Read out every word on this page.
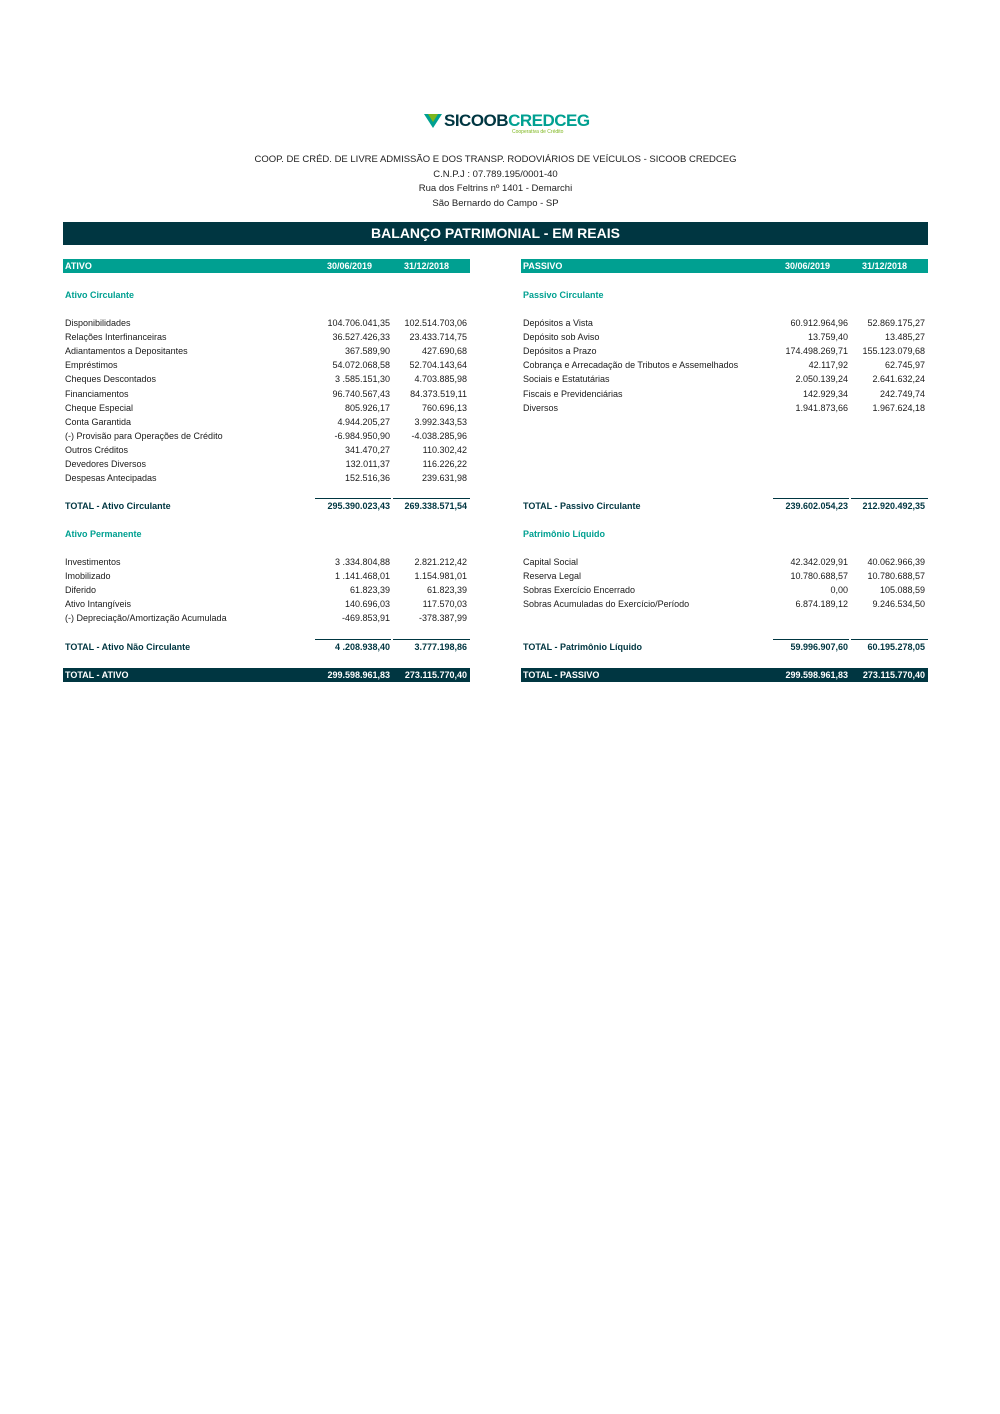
SICOOBCREDCEG
Cooperativa de Crédito
COOP. DE CRÉD. DE LIVRE ADMISSÃO E DOS TRANSP. RODOVIÁRIOS DE VEÍCULOS - SICOOB CREDCEG
C.N.P.J : 07.789.195/0001-40
Rua dos Feltrins nº 1401 - Demarchi
São Bernardo do Campo - SP
BALANÇO PATRIMONIAL - EM REAIS
ATIVO	30/06/2019	31/12/2018
Ativo Circulante
Disponibilidades	104.706.041,35 102.514.703,06
Relações Interfinanceiras	36.527.426,33 23.433.714,75
Adiantamentos a Depositantes	367.589,90	427.690,68
Empréstimos	54.072.068,58 52.704.143,64
Cheques Descontados	3 .585.151,30	4.703.885,98
Financiamentos	96.740.567,43 84.373.519,11
Cheque Especial	805.926,17	760.696,13
Conta Garantida	4.944.205,27	3.992.343,53
(-) Provisão para Operações de Crédito	-6.984.950,90 -4.038.285,96
Outros Créditos	341.470,27	110.302,42
Devedores Diversos	132.011,37	116.226,22
Despesas Antecipadas	152.516,36	239.631,98
TOTAL - Ativo Circulante	295.390.023,43 269.338.571,54
Ativo Permanente
Investimentos	3 .334.804,88	2.821.212,42
Imobilizado	1 .141.468,01	1.154.981,01
Diferido	61.823,39	61.823,39
Ativo Intangíveis	140.696,03	117.570,03
(-) Depreciação/Amortização Acumulada	-469.853,91	-378.387,99
TOTAL - Ativo Não Circulante	4 .208.938,40	3.777.198,86
TOTAL - ATIVO	299.598.961,83 273.115.770,40
PASSIVO	30/06/2019	31/12/2018
Passivo Circulante
Depósitos a Vista	60.912.964,96 52.869.175,27
Depósito sob Aviso	13.759,40	13.485,27
Depósitos a Prazo	174.498.269,71 155.123.079,68
Cobrança e Arrecadação de Tributos e Assemelhados	42.117,92	62.745,97
Sociais e Estatutárias	2.050.139,24	2.641.632,24
Fiscais e Previdenciárias	142.929,34	242.749,74
Diversos	1.941.873,66	1.967.624,18
TOTAL - Passivo Circulante	239.602.054,23 212.920.492,35
Patrimônio Líquido
Capital Social	42.342.029,91 40.062.966,39
Reserva Legal	10.780.688,57 10.780.688,57
Sobras Exercício Encerrado	0,00	105.088,59
Sobras Acumuladas do Exercício/Período	6.874.189,12	9.246.534,50
TOTAL - Patrimônio Líquido	59.996.907,60 60.195.278,05
TOTAL - PASSIVO	299.598.961,83 273.115.770,40
